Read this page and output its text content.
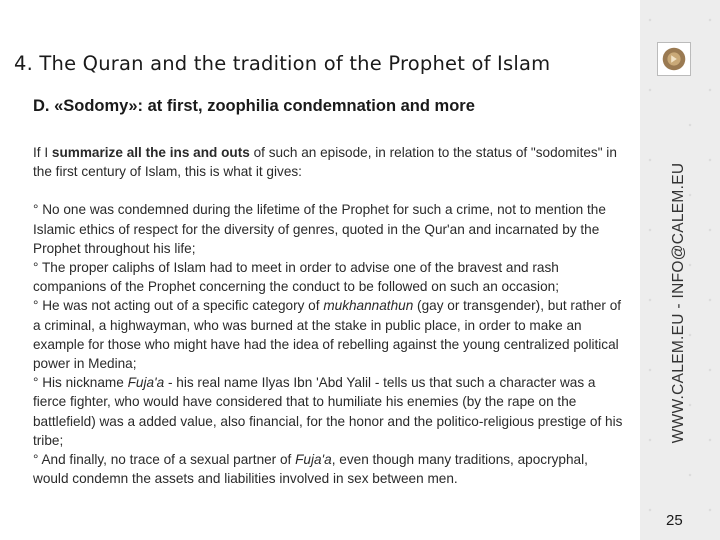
WWW.CALEM.EU - INFO@CALEM.EU
25
4. The Quran and the tradition of the Prophet of Islam
D. «Sodomy»: at first, zoophilia condemnation and more

If I summarize all the ins and outs of such an episode, in relation to the status of "sodomites" in the first century of Islam, this is what it gives:

° No one was condemned during the lifetime of the Prophet for such a crime, not to mention the Islamic ethics of respect for the diversity of genres, quoted in the Qur'an and incarnated by the Prophet throughout his life;

° The proper caliphs of Islam had to meet in order to advise one of the bravest and rash companions of the Prophet concerning the conduct to be followed on such an occasion;

° He was not acting out of a specific category of mukhannathun (gay or transgender), but rather of a criminal, a highwayman, who was burned at the stake in public place, in order to make an example for those who might have had the idea of rebelling against the young centralized political power in Medina;

° His nickname Fuja'a - his real name Ilyas Ibn 'Abd Yalil - tells us that such a character was a fierce fighter, who would have considered that to humiliate his enemies (by the rape on the battlefield) was a added value, also financial, for the honor and the politico-religious prestige of his tribe;

° And finally, no trace of a sexual partner of Fuja'a, even though many traditions, apocryphal, would condemn the assets and liabilities involved in sex between men.
